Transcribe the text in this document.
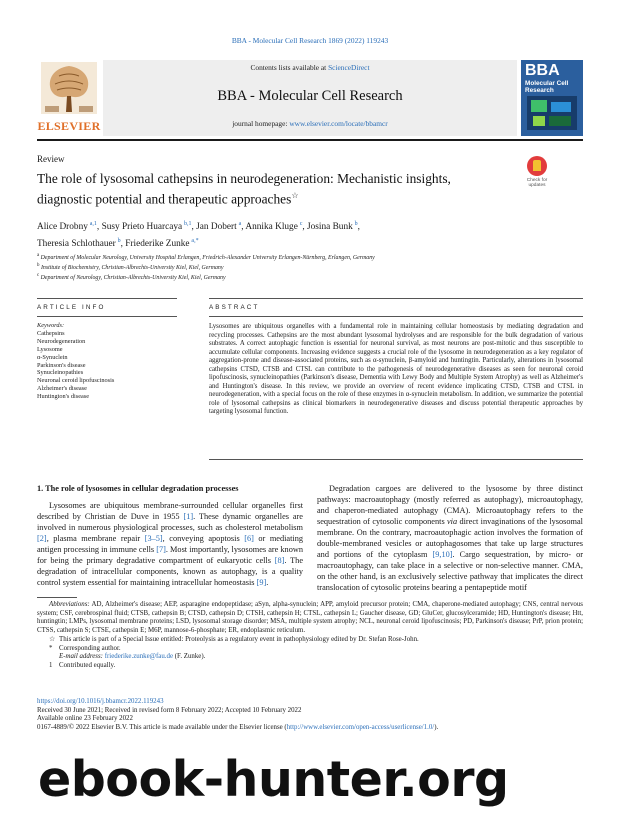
BBA - Molecular Cell Research 1869 (2022) 119243
ELSEVIER
Contents lists available at ScienceDirect
BBA - Molecular Cell Research
journal homepage: www.elsevier.com/locate/bbamcr
BBA
Molecular Cell
Research
Review
The role of lysosomal cathepsins in neurodegeneration: Mechanistic insights, diagnostic potential and therapeutic approaches☆
Check for
updates
Alice Drobny  $^{a,1}$, Susy Prieto Huarcaya  $^{b,1}$, Jan Dobert  $^a$, Annika Kluge  $^c$, Josina Bunk  $^b$,
Theresia Schlothauer  $^b$, Friederike Zunke  $^{a,*}$
$^a$ Department of Molecular Neurology, University Hospital Erlangen, Friedrich-Alexander University Erlangen-Nürnberg, Erlangen, Germany
$^b$ Institute of Biochemistry, Christian-Albrechts-University Kiel, Kiel, Germany
$^c$ Department of Neurology, Christian-Albrechts-University Kiel, Kiel, Germany
ARTICLE INFO	ABSTRACT
Keywords:
Cathepsins
Neurodegeneration
Lysosome
α-Synuclein
Parkinson's disease
Synucleinopathies
Neuronal ceroid lipofuscinosis
Alzheimer's disease
Huntington's disease
Lysosomes are ubiquitous organelles with a fundamental role in maintaining cellular homeostasis by mediating degradation and recycling processes. Cathepsins are the most abundant lysosomal hydrolyses and are responsible for the bulk degradation of various substrates. A correct autophagic function is essential for neuronal survival, as most neurons are post-mitotic and thus susceptible to accumulate cellular components. Increasing evidence suggests a crucial role of the lysosome in neurodegeneration as a key regulator of aggregation-prone and disease-associated proteins, such as α-synuclein, β-amyloid and huntingtin. Particularly, alterations in lysosomal cathepsins CTSD, CTSB and CTSL can contribute to the pathogenesis of neurodegenerative diseases as seen for neuronal ceroid lipofuscinosis, synucleinopathies (Parkinson's disease, Dementia with Lewy Body and Multiple System Atrophy) as well as Alzheimer's and Huntington's disease. In this review, we provide an overview of recent evidence implicating CTSD, CTSB and CTSL in neurodegeneration, with a special focus on the role of these enzymes in α-synuclein metabolism. In addition, we summarize the potential role of lysosomal cathepsins as clinical biomarkers in neurodegenerative diseases and discuss potential therapeutic approaches by targeting lysosomal function.
1. The role of lysosomes in cellular degradation processes

Lysosomes are ubiquitous membrane-surrounded cellular organelles first described by Christian de Duve in 1955 [1]. These dynamic organelles are involved in numerous physiological processes, such as cholesterol metabolism [2], plasma membrane repair [3–5], conveying apoptosis [6] or mediating antigen processing in immune cells [7]. Most importantly, lysosomes are known for being the primary degradative compartment of eukaryotic cells [8]. The degradation of intracellular components, known as autophagy, is a quality control system essential for maintaining intracellular homeostasis [9].

Degradation cargoes are delivered to the lysosome by three distinct pathways: macroautophagy (mostly referred as autophagy), microautophagy, and chaperon-mediated autophagy (CMA). Microautophagy refers to the sequestration of cytosolic components via direct invaginations of the lysosomal membrane. On the contrary, macroautophagic action involves the formation of double-membraned vesicles or autophagosomes that take up large structures and portions of the cytoplasm [9,10]. Cargo sequestration, by micro- or macroautophagy, can take place in a selective or non-selective manner. CMA, on the other hand, is an exclusively selective pathway that implicates the direct translocation of cytosolic proteins bearing a pentapeptide motif

Abbreviations: AD, Alzheimer's disease; AEP, asparagine endopeptidase; aSyn, alpha-synuclein; APP, amyloid precursor protein; CMA, chaperone-mediated autophagy; CNS, central nervous system; CSF, cerebrospinal fluid; CTSB, cathepsin B; CTSD, cathepsin D; CTSH, cathepsin H; CTSL, cathepsin L; Gaucher disease, GD; GluCer, glucosylceramide; HD, Huntington's disease; Htt, huntingtin; LMPs, lysosomal membrane proteins; LSD, lysosomal storage disorder; MSA, multiple system atrophy; NCL, neuronal ceroid lipofuscinosis; PD, Parkinson's disease; PrP, prion protein; CTSS, cathepsin S; CTSE, cathepsin E; M6P, mannose-6-phosphate; ER, endoplasmic reticulum.
☆ This article is part of a Special Issue entitled: Proteolysis as a regulatory event in pathophysiology edited by Dr. Stefan Rose-John.
* Corresponding author.
E-mail address: friederike.zunke@fau.de (F. Zunke).
1 Contributed equally.
https://doi.org/10.1016/j.bbamcr.2022.119243
Received 30 June 2021; Received in revised form 8 February 2022; Accepted 10 February 2022
Available online 23 February 2022
0167-4889/© 2022 Elsevier B.V. This article is made available under the Elsevier license (http://www.elsevier.com/open-access/userlicense/1.0/).
ebook-hunter.org
